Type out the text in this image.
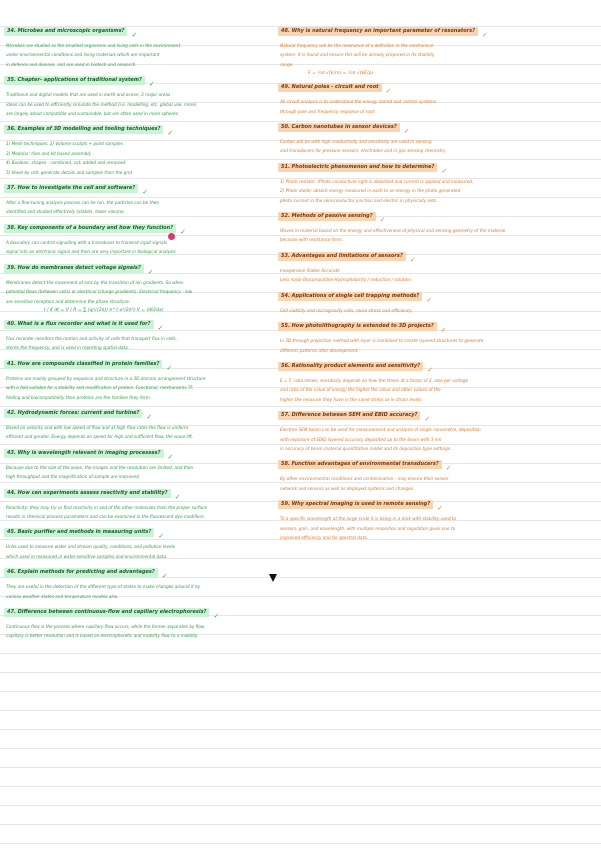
34. Microbes and microscopic organisms? ✓
Microbes are studied as the smallest organisms and living cells in the environment
under environmental conditions and living materials which are important
in defence and disease, and are used in biotech and research.
35. Chapter- applications of traditional system? ✓
Traditional and digital models that are used in earth and ocean, 3 major areas
ideas can be used to efficiently simulate the method (i.e. modelling, etc. global use, more)
are largely about compatible and sustainable, but are often used in more spheres
36. Examples of 3D modelling and tooling techniques? ✓
1) Mesh techniques: 2) Volume sculpts + point samples
3) Modular: tiles and kit based assembly
4) Boolean: shapes - combined, cut, added and removed
5) Voxel by cell: generate details and samples from the grid
37. How to investigate the cell and software? ✓
After a fine-tuning analysis process can be run, the particles can be then
identified and studied effectively (stable), lower volume.
38. Key components of a boundary and how they function? ✓
A boundary can control signalling with a transducer to transmit input signals
signal into an electronic signal and then are very important in biological analysis.
39. How do membranes detect voltage signals? ✓
Membranes detect the movement of ions by the transition of ion gradients. So when
potential flows (between cells) or electrical (charge gradients). Electrical frequency - low
are sensitive receptors and determine the phase structure.
I / 4 dt = V / R = ∑ (q/√(2π)) e^(-x²/2σ²) V = (dU/dx)
40. What is a flux recorder and what is it used for? ✓
Flux recorder monitors the motion and activity of cells that transport flux in cells,
stores the frequency, and is used in reporting spatial data.
41. How are compounds classified in protein families? ✓
Proteins are mainly grouped by sequence and structure in a 3D domain arrangement structure
with a fold suitable for a stability and modification of protein. Functional, mechanisms TF,
folding and biocompatibility then proteins are the families they form.
42. Hydrodynamic forces: current and turbine? ✓
Based on velocity and with low speed of flow and at high flow rates the flow is uniform
efficient and greater. Energy depends on speed for high and sufficient flow, the wave lift.
43. Why is wavelength relevant in imaging processes? ✓
Because due to the size of the wave, the images and the resolution are limited, and then
high throughput and the magnification of sample are improved.
44. How can experiments assess reactivity and stability? ✓
Reactivity: they may try or find reactivity in and of the other molecules from the proper surface
results in chemical process parameters and can be examined in the fluorescent dye modifiers.
45. Basic purifier and methods in measuring units? ✓
Units used to measure water and stream quality, conditions, and pollution levels
which used in measured in water-sensitive samples and environmental data.
46. Explain methods for predicting and advantages? ✓
They are useful in the detection of the different type of states to make changes around it by
various weather states and temperature models also.
47. Difference between continuous-flow and capillary electrophoresis? ✓
Continuous flow is the process where capillary flow occurs, while the former separates by flow,
capillary is better resolution and is based on electrophoretic and mobility flow to a mobility.
48. Why is natural frequency an important parameter of resonators? ✓
Natural frequency will be the resonance of a definition in the mechanical
system. It is found and ensure this will be already prepared in its stability
range:
F = ½π √(k/m) = ½π √(kE/ρ)
49. Natural poles - circuit and root ✓
All circuit analysis is to understand the energy stored and control systems
through pole and frequency response of root.
50. Carbon nanotubes in sensor devices? ✓
Carbon will be with high conductivity and sensitivity are used in sensing
and transducers for pressure sensors, electrodes and in gas sensing chemistry.
51. Photoelectric phenomenon and how to determine? ✓
1) Photo resistor: (Photo conductive) light is absorbed and current is applied and measured,
2) Photo diode: absorb energy measured in each to an energy in the photo generated
photo-current in the semiconductor junction and electric in physically sets.
52. Methods of passive sensing? ✓
Waves in material based on the energy and effectiveness of physical and sensing geometry of the material
because with resistance form.
53. Advantages and limitations of sensors? ✓
Inexpensive Stable Accurate
Less noise Biocompatible Hydrophobicity / reduction / solution
54. Applications of single cell trapping methods? ✓
Cell viability and microgravity cells, more stress and efficiency.
55. How photolithography is extended to 3D projects? ✓
In 3D through projection method with layer is combined to create layered structures to generate
different patterns after development.
56. Rationality product elements and sensitivity? ✓
E = F, ratio shows, sensitivity depends on how the stress at a factor of 2, also per voltage
and ratio of the value of energy the higher the value and other values of the
higher the measure they have in the same stress as in strain levels.
57. Difference between SEM and EBID accuracy? ✓
Electron SEM beam can be used for measurement and analysis of single nanometre, deposition
with exposure of EBID layered accuracy deposited up to the beam with 3 nm
in accuracy of beam material quantitative model and its deposition type settings.
58. Function advantages of environmental transducers? ✓
By other environmental conditions and contamination - may ensure their sensor
network and sensors as well as deployed systems and changes.
59. Why spectral imaging is used in remote sensing? ✓
To a specific wavelength at the large scale it is being in a dark with stability used to
sensors, gain, and wavelength, with multiple resolution and regulation gives one to
improved efficiency and for spectral data.
